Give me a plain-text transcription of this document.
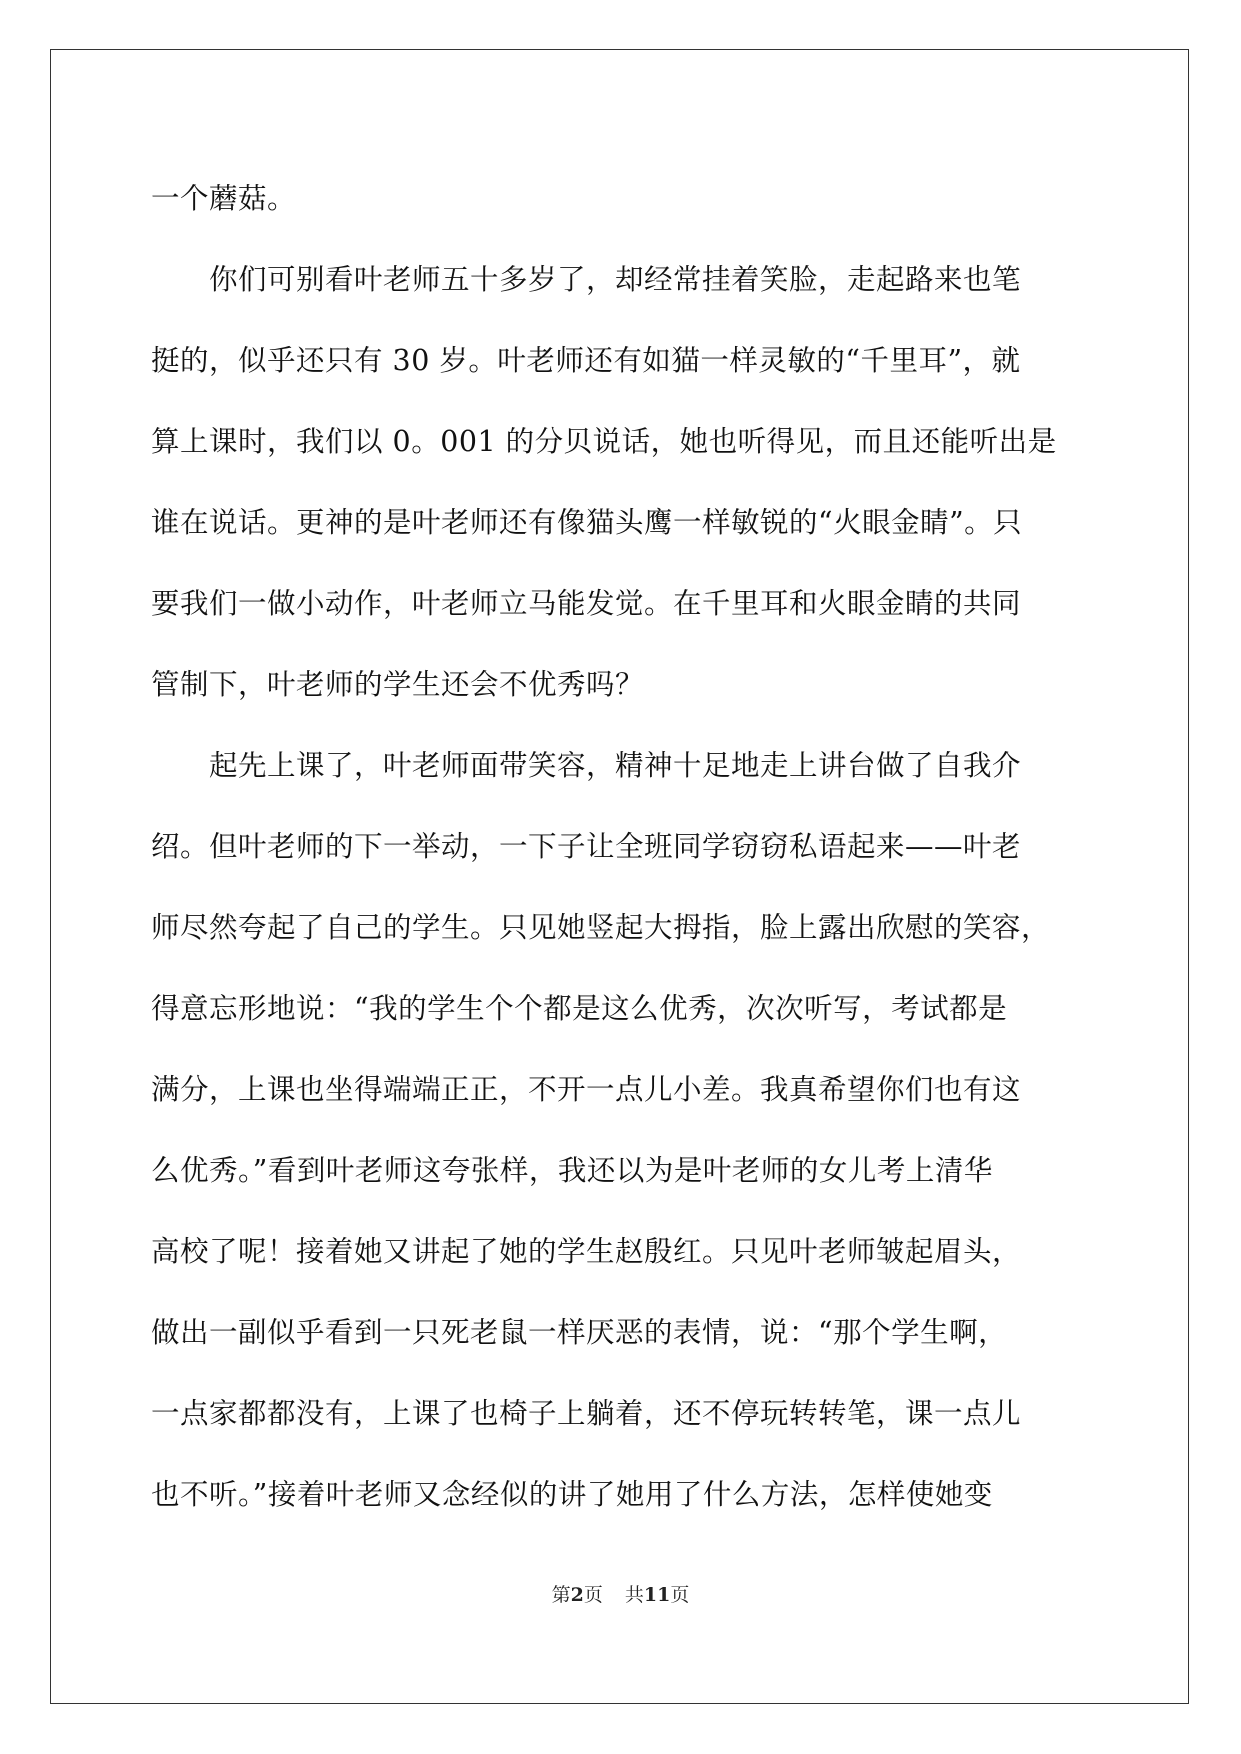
一个蘑菇。
　　你们可别看叶老师五十多岁了，却经常挂着笑脸，走起路来也笔
挺的，似乎还只有 30 岁。叶老师还有如猫一样灵敏的“千里耳”，就
算上课时，我们以 0。001 的分贝说话，她也听得见，而且还能听出是
谁在说话。更神的是叶老师还有像猫头鹰一样敏锐的“火眼金睛”。只
要我们一做小动作，叶老师立马能发觉。在千里耳和火眼金睛的共同
管制下，叶老师的学生还会不优秀吗？
　　起先上课了，叶老师面带笑容，精神十足地走上讲台做了自我介
绍。但叶老师的下一举动，一下子让全班同学窃窃私语起来——叶老
师尽然夸起了自己的学生。只见她竖起大拇指，脸上露出欣慰的笑容，
得意忘形地说：“我的学生个个都是这么优秀，次次听写，考试都是
满分，上课也坐得端端正正，不开一点儿小差。我真希望你们也有这
么优秀。”看到叶老师这夸张样，我还以为是叶老师的女儿考上清华
高校了呢！接着她又讲起了她的学生赵殷红。只见叶老师皱起眉头，
做出一副似乎看到一只死老鼠一样厌恶的表情，说：“那个学生啊，
一点家都都没有，上课了也椅子上躺着，还不停玩转转笔，课一点儿
也不听。”接着叶老师又念经似的讲了她用了什么方法，怎样使她变
第2页 共11页
